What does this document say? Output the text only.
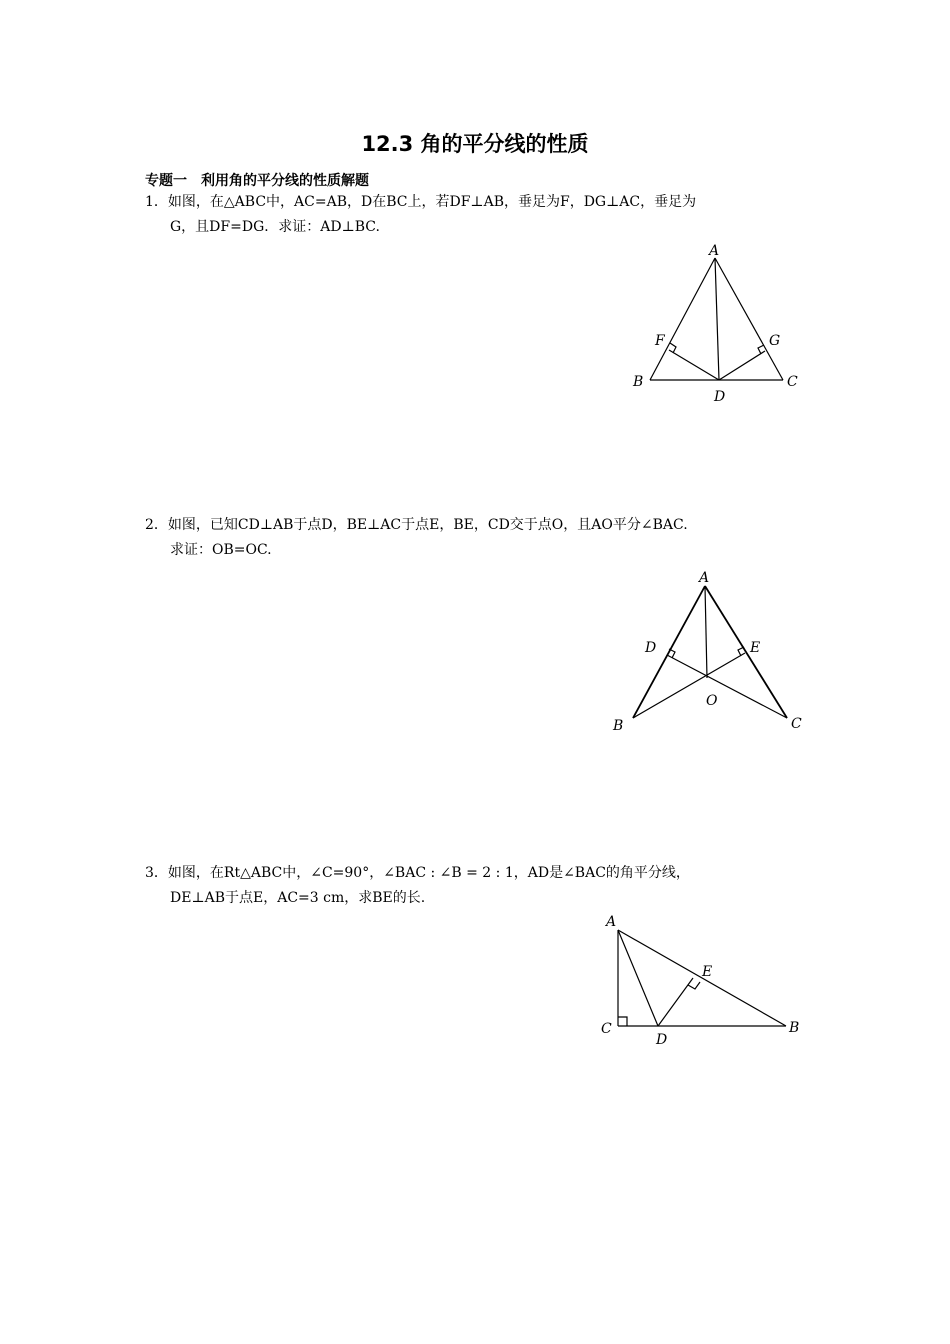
12.3 角的平分线的性质
专题一　利用角的平分线的性质解题
1．如图，在△ABC中，AC=AB，D在BC上，若DF⊥AB，垂足为F，DG⊥AC，垂足为
G，且DF=DG．求证：AD⊥BC.
A
B	C
D
F	G
2．如图，已知CD⊥AB于点D，BE⊥AC于点E，BE，CD交于点O，且AO平分∠BAC.
求证：OB=OC.
A
B	C
D	E
O
3．如图，在Rt△ABC中，∠C=90°，∠BAC : ∠B = 2 : 1，AD是∠BAC的角平分线，
DE⊥AB于点E，AC=3 cm，求BE的长.
A
B
C
D
E
